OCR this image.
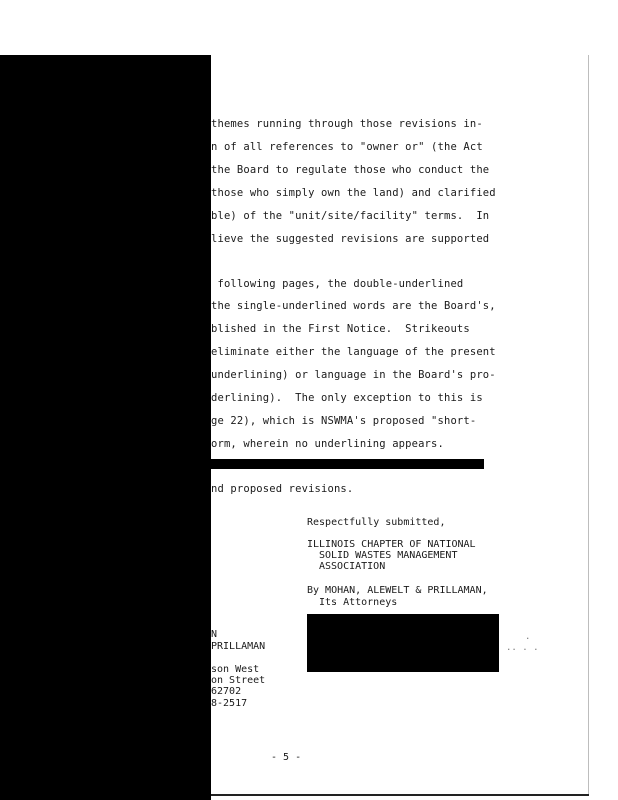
themes running through those revisions in-
n of all references to "owner or" (the Act
the Board to regulate those who conduct the
those who simply own the land) and clarified
ble) of the "unit/site/facility" terms.  In
lieve the suggested revisions are supported
following pages, the double-underlined
the single-underlined words are the Board's,
blished in the First Notice.  Strikeouts
eliminate either the language of the present
underlining) or language in the Board's pro-
derlining).  The only exception to this is
ge 22), which is NSWMA's proposed "short-
orm, wherein no underlining appears.
nd proposed revisions.
Respectfully submitted,
ILLINOIS CHAPTER OF NATIONAL
SOLID WASTES MANAGEMENT
ASSOCIATION
By MOHAN, ALEWELT & PRILLAMAN,
Its Attorneys
.. . .
.
N
PRILLAMAN
son West
on Street
62702
8-2517
- 5 -
